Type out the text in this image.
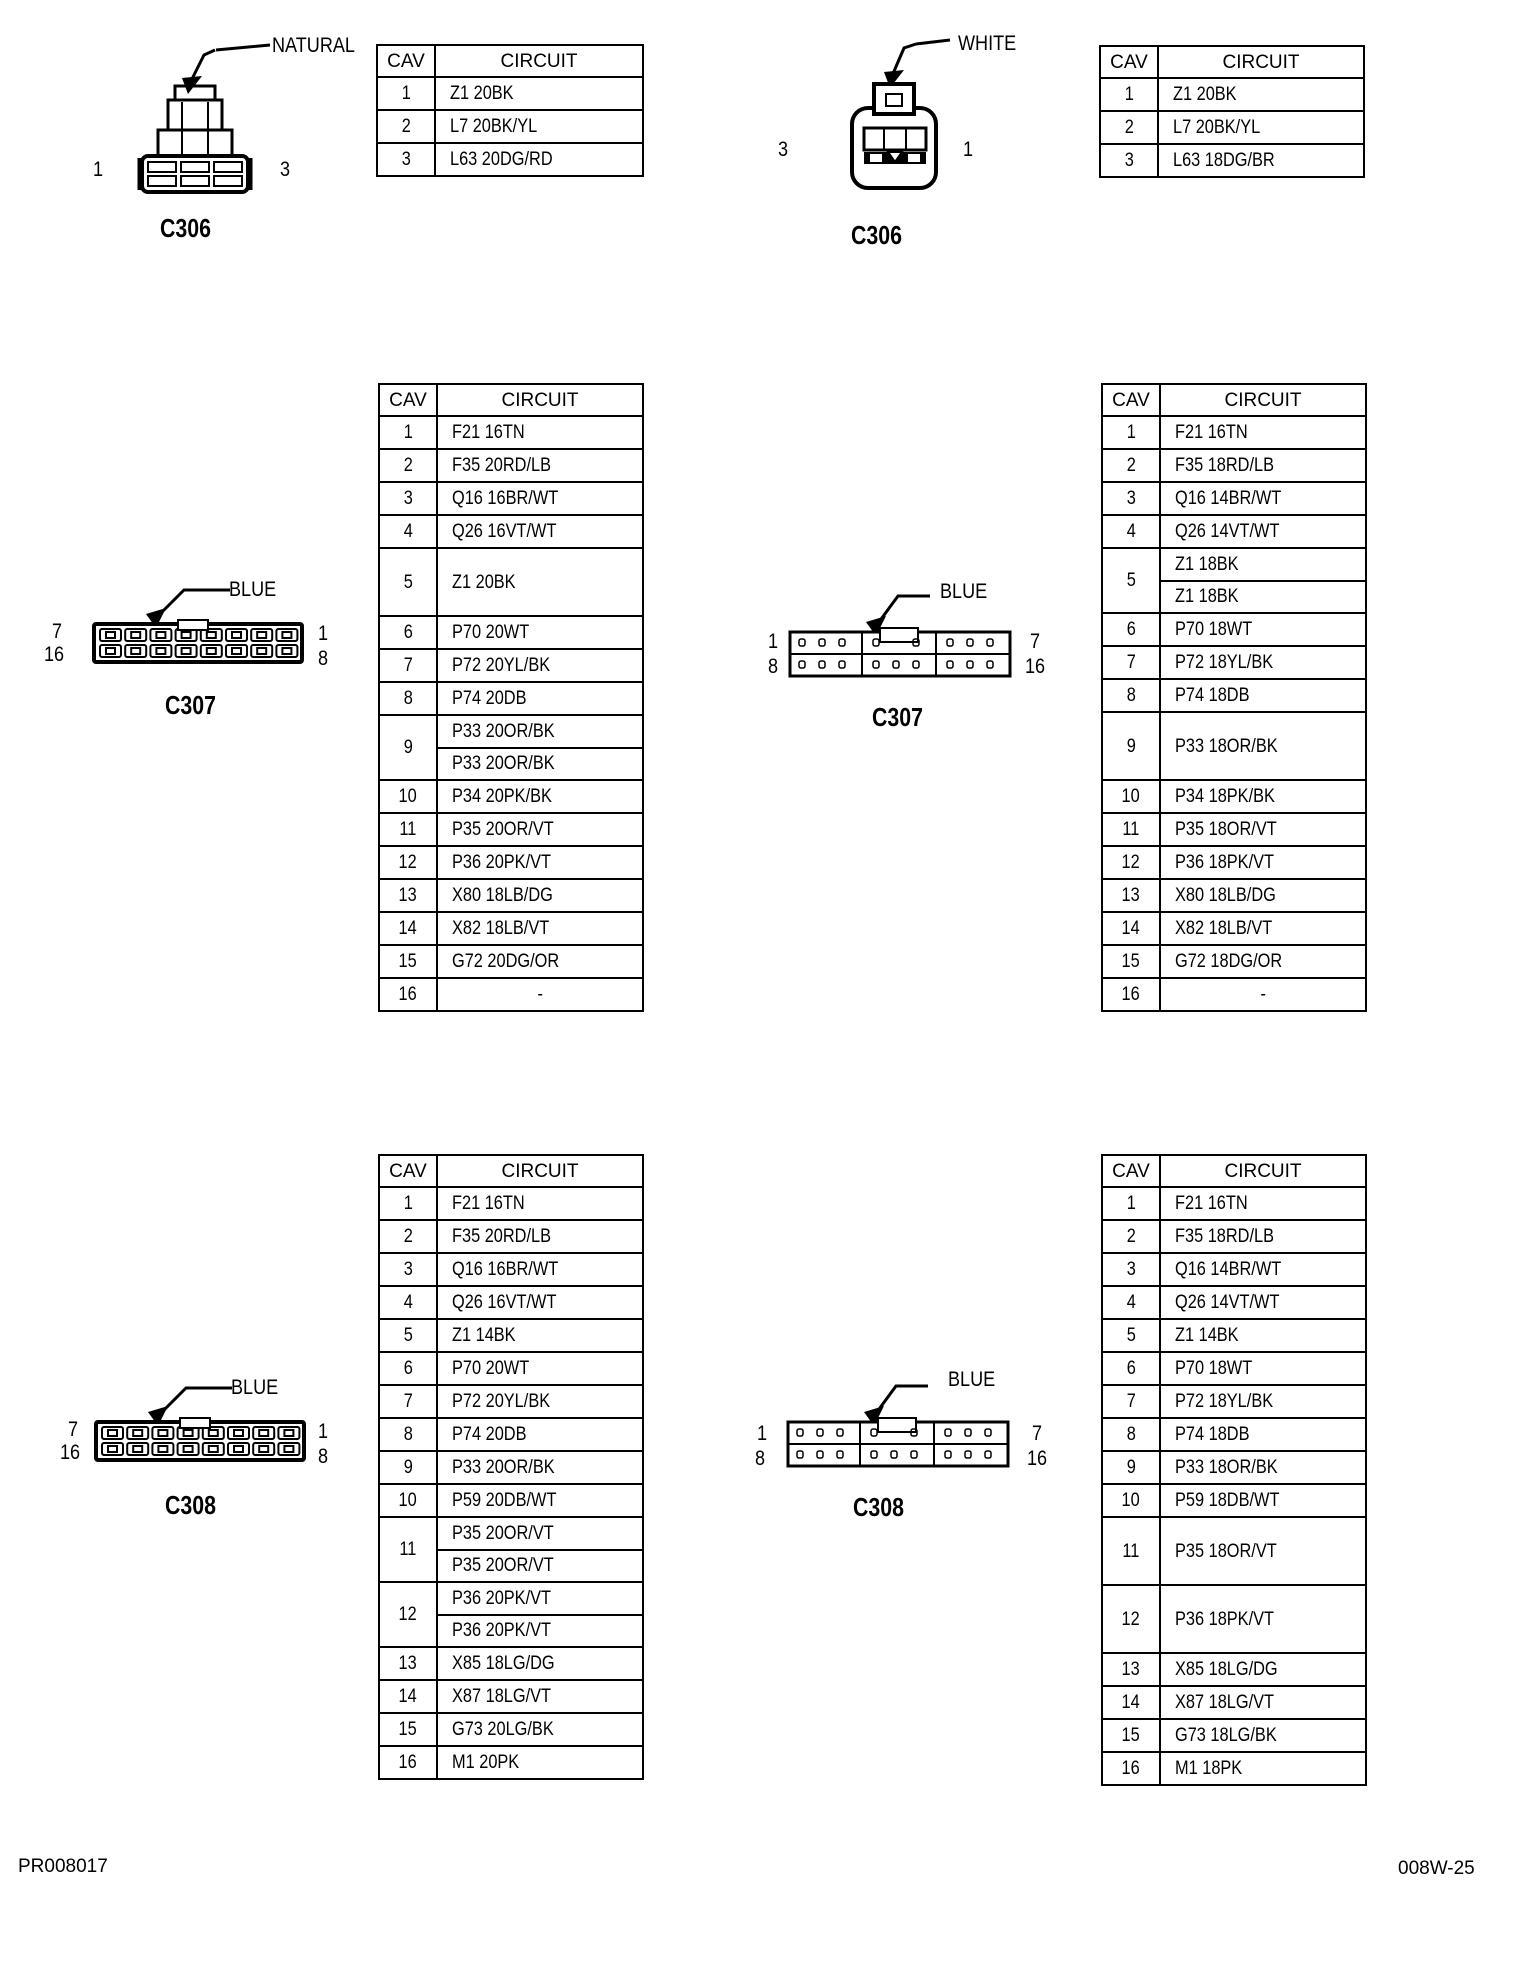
NATURAL
1	3
C306
WHITE
3	1
C306
BLUE
7
16
1
8
C307
BLUE
1
8
7
16
C307
BLUE
7
16
1
8
C308
BLUE
1
8
7
16
C308
CAV	CIRCUIT
1	Z1 20BK
2	L7 20BK/YL
3	L63 20DG/RD
CAV	CIRCUIT
1	Z1 20BK
2	L7 20BK/YL
3	L63 18DG/BR
CAV	CIRCUIT
1	F21 16TN
2	F35 20RD/LB
3	Q16 16BR/WT
4	Q26 16VT/WT
5	Z1 20BK
6	P70 20WT
7	P72 20YL/BK
8	P74 20DB
9	P33 20OR/BK
	P33 20OR/BK
10	P34 20PK/BK
11	P35 20OR/VT
12	P36 20PK/VT
13	X80 18LB/DG
14	X82 18LB/VT
15	G72 20DG/OR
16	-
CAV	CIRCUIT
1	F21 16TN
2	F35 18RD/LB
3	Q16 14BR/WT
4	Q26 14VT/WT
5	Z1 18BK
	Z1 18BK
6	P70 18WT
7	P72 18YL/BK
8	P74 18DB
9	P33 18OR/BK
10	P34 18PK/BK
11	P35 18OR/VT
12	P36 18PK/VT
13	X80 18LB/DG
14	X82 18LB/VT
15	G72 18DG/OR
16	-
CAV	CIRCUIT
1	F21 16TN
2	F35 20RD/LB
3	Q16 16BR/WT
4	Q26 16VT/WT
5	Z1 14BK
6	P70 20WT
7	P72 20YL/BK
8	P74 20DB
9	P33 20OR/BK
10	P59 20DB/WT
11	P35 20OR/VT
	P35 20OR/VT
12	P36 20PK/VT
	P36 20PK/VT
13	X85 18LG/DG
14	X87 18LG/VT
15	G73 20LG/BK
16	M1 20PK
CAV	CIRCUIT
1	F21 16TN
2	F35 18RD/LB
3	Q16 14BR/WT
4	Q26 14VT/WT
5	Z1 14BK
6	P70 18WT
7	P72 18YL/BK
8	P74 18DB
9	P33 18OR/BK
10	P59 18DB/WT
11	P35 18OR/VT
12	P36 18PK/VT
13	X85 18LG/DG
14	X87 18LG/VT
15	G73 18LG/BK
16	M1 18PK
PR008017	008W-25
